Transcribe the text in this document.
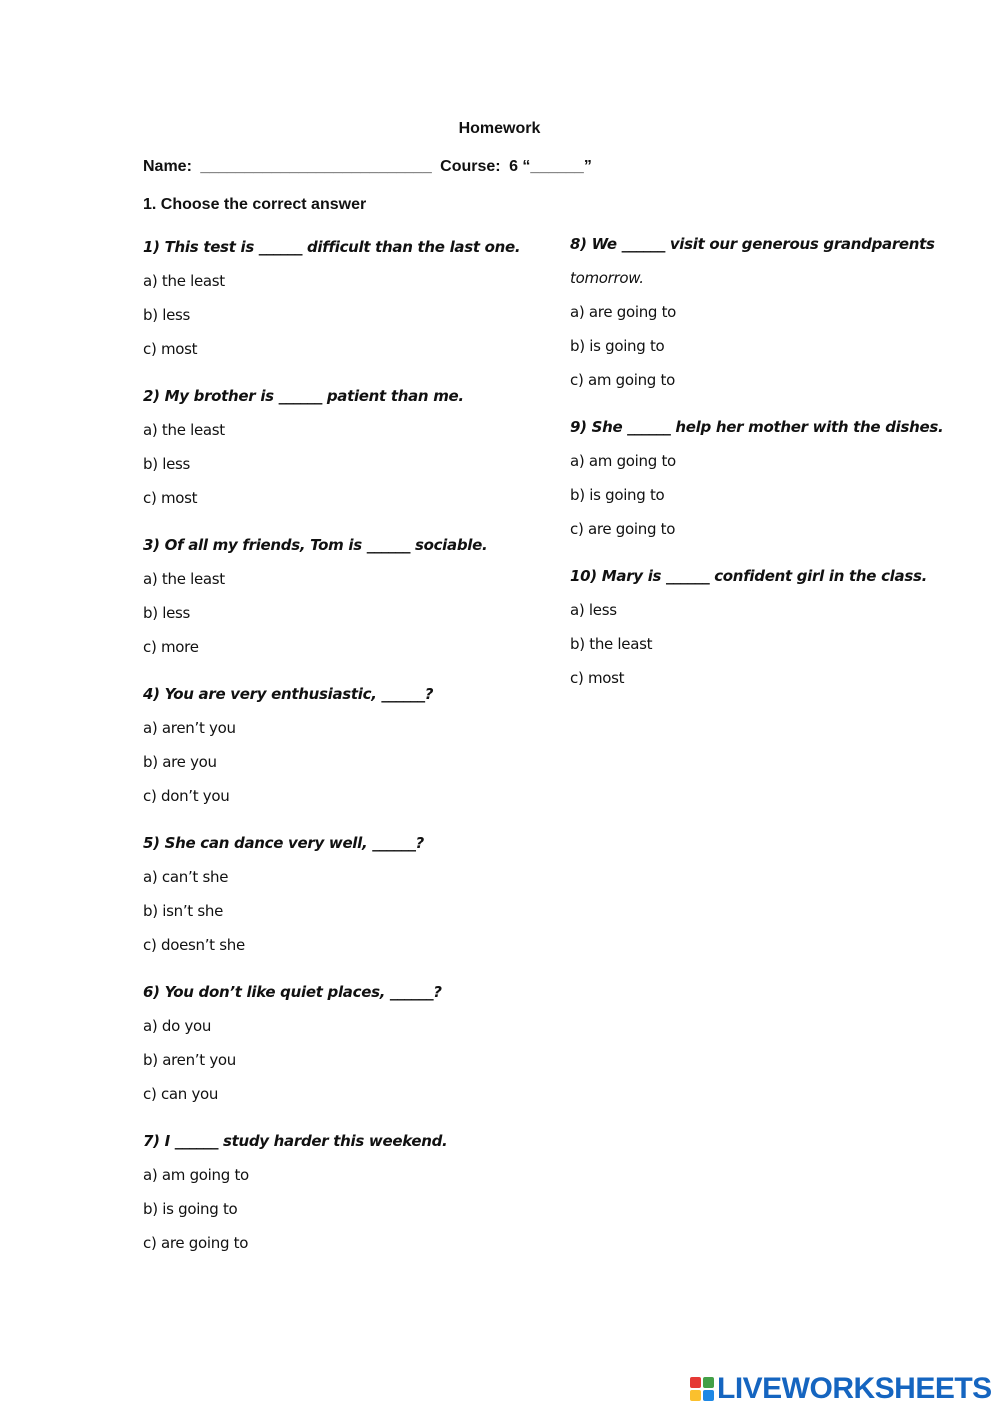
Homework
Name: __________________________ Course: 6 “______”
1. Choose the correct answer
1) This test is ______ difficult than the last one.
a) the least
b) less
c) most
2) My brother is ______ patient than me.
a) the least
b) less
c) most
3) Of all my friends, Tom is ______ sociable.
a) the least
b) less
c) more
4) You are very enthusiastic, ______?
a) aren’t you
b) are you
c) don’t you
5) She can dance very well, ______?
a) can’t she
b) isn’t she
c) doesn’t she
6) You don’t like quiet places, ______?
a) do you
b) aren’t you
c) can you
7) I ______ study harder this weekend.
a) am going to
b) is going to
c) are going to
8) We ______ visit our generous grandparents
tomorrow.
a) are going to
b) is going to
c) am going to
9) She ______ help her mother with the dishes.
a) am going to
b) is going to
c) are going to
10) Mary is ______ confident girl in the class.
a) less
b) the least
c) most
LIVEWORKSHEETS
